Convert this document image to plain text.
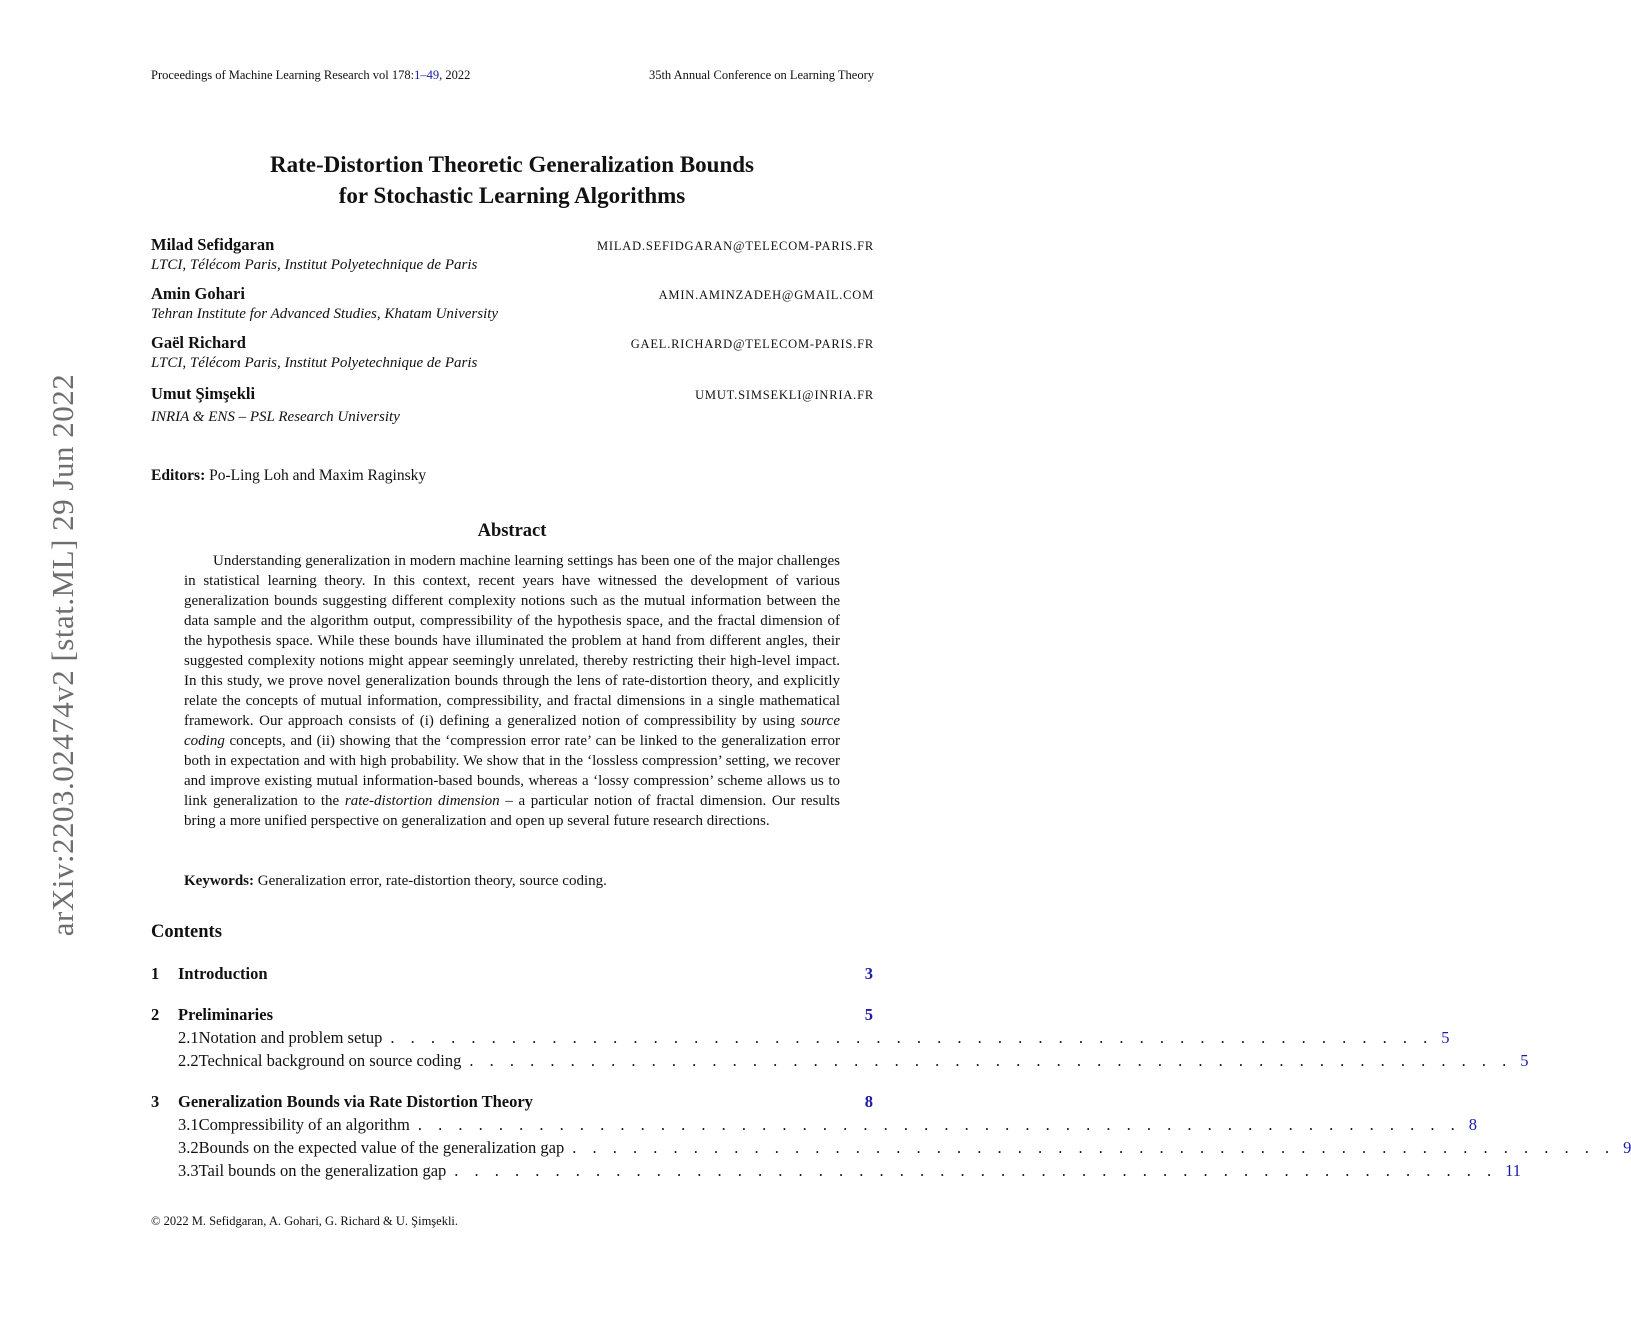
Proceedings of Machine Learning Research vol 178:1–49, 2022	35th Annual Conference on Learning Theory
Rate-Distortion Theoretic Generalization Bounds
for Stochastic Learning Algorithms
Milad Sefidgaran	MILAD.SEFIDGARAN@TELECOM-PARIS.FR
LTCI, Télécom Paris, Institut Polyetechnique de Paris
Amin Gohari	AMIN.AMINZADEH@GMAIL.COM
Tehran Institute for Advanced Studies, Khatam University
Gaël Richard	GAEL.RICHARD@TELECOM-PARIS.FR
LTCI, Télécom Paris, Institut Polyetechnique de Paris
Umut Şimşekli	UMUT.SIMSEKLI@INRIA.FR
INRIA & ENS – PSL Research University
Editors: Po-Ling Loh and Maxim Raginsky
Abstract

Understanding generalization in modern machine learning settings has been one of the major challenges in statistical learning theory. In this context, recent years have witnessed the development of various generalization bounds suggesting different complexity notions such as the mutual information between the data sample and the algorithm output, compressibility of the hypothesis space, and the fractal dimension of the hypothesis space. While these bounds have illuminated the problem at hand from different angles, their suggested complexity notions might appear seemingly unrelated, thereby restricting their high-level impact. In this study, we prove novel generalization bounds through the lens of rate-distortion theory, and explicitly relate the concepts of mutual information, compressibility, and fractal dimensions in a single mathematical framework. Our approach consists of (i) defining a generalized notion of compressibility by using source coding concepts, and (ii) showing that the ‘compression error rate’ can be linked to the generalization error both in expectation and with high probability. We show that in the ‘lossless compression’ setting, we recover and improve existing mutual information-based bounds, whereas a ‘lossy compression’ scheme allows us to link generalization to the rate-distortion dimension – a particular notion of fractal dimension. Our results bring a more unified perspective on generalization and open up several future research directions.

Keywords: Generalization error, rate-distortion theory, source coding.
Contents
1	Introduction	3
2	Preliminaries	5
2.1 Notation and problem setup . . . . . . . . . . . . . . . . . . . . . . . . . . . . . . . . . . . . . . . . . . . . . . . . . . . . 5
2.2 Technical background on source coding . . . . . . . . . . . . . . . . . . . . . . . . . . . . . . . . . . . . . . . . . . . . . . . . . . . . 5
3	Generalization Bounds via Rate Distortion Theory	8
3.1 Compressibility of an algorithm . . . . . . . . . . . . . . . . . . . . . . . . . . . . . . . . . . . . . . . . . . . . . . . . . . . . 8
3.2 Bounds on the expected value of the generalization gap . . . . . . . . . . . . . . . . . . . . . . . . . . . . . . . . . . . . . . . . . . . . . . . . . . . . 9
3.3 Tail bounds on the generalization gap . . . . . . . . . . . . . . . . . . . . . . . . . . . . . . . . . . . . . . . . . . . . . . . . . . . . 11
© 2022 M. Sefidgaran, A. Gohari, G. Richard & U. Şimşekli.
arXiv:2203.02474v2 [stat.ML] 29 Jun 2022
